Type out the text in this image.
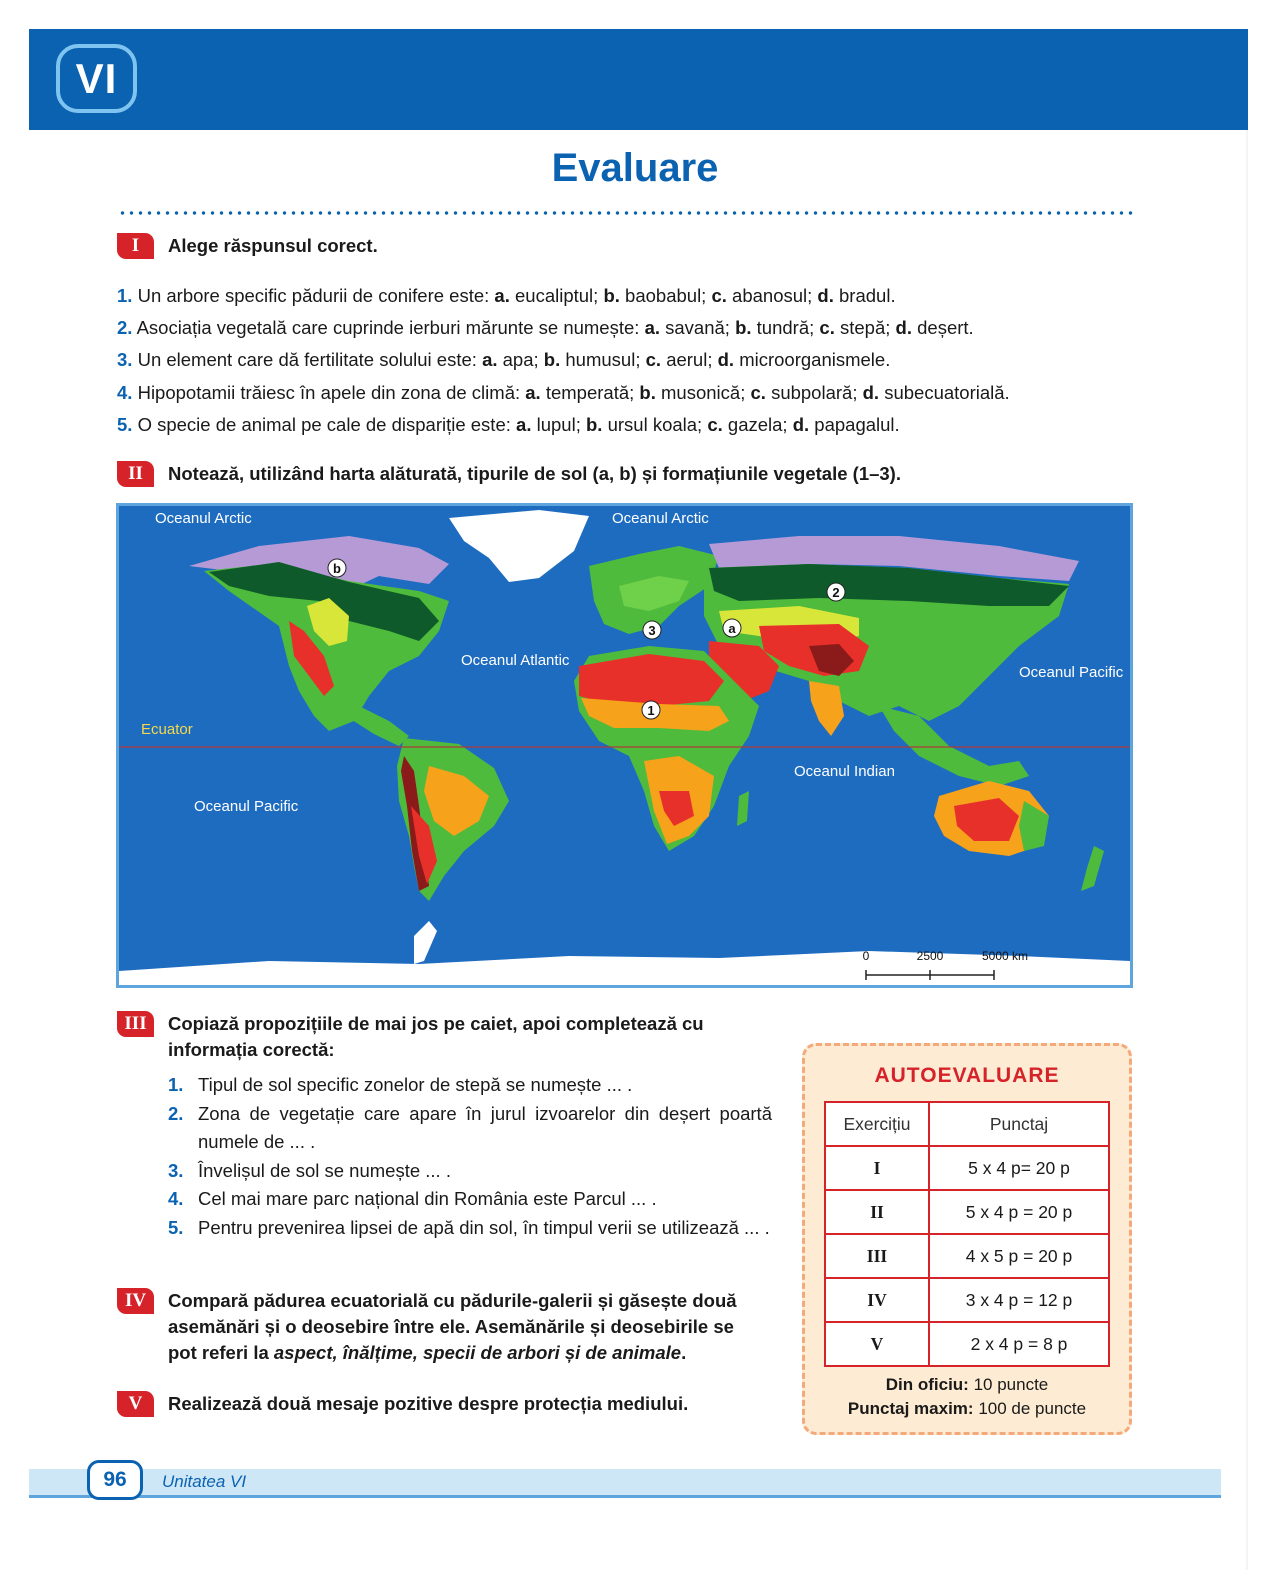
VI
Evaluare
I	Alege răspunsul corect.
1. Un arbore specific pădurii de conifere este: a. eucaliptul; b. baobabul; c. abanosul; d. bradul.
2. Asociația vegetală care cuprinde ierburi mărunte se numește: a. savană; b. tundră; c. stepă; d. deșert.
3. Un element care dă fertilitate solului este: a. apa; b. humusul; c. aerul; d. microorganismele.
4. Hipopotamii trăiesc în apele din zona de climă: a. temperată; b. musonică; c. subpolară; d. subecuatorială.
5. O specie de animal pe cale de dispariție este: a. lupul; b. ursul koala; c. gazela; d. papagalul.
II	Notează, utilizând harta alăturată, tipurile de sol (a, b) și formațiunile vegetale (1–3).
Oceanul Arctic	Oceanul Arctic
Oceanul Atlantic
Oceanul Pacific
Oceanul Pacific
Oceanul Indian
Ecuator
b
a
1
2
3
0	2500	5000 km
III	Copiază propozițiile de mai jos pe caiet, apoi completează cu
informația corectă:
1. Tipul de sol specific zonelor de stepă se numește ... .
2. Zona de vegetație care apare în jurul izvoarelor din deșert poartă numele de ... .
3. Învelișul de sol se numește ... .
4. Cel mai mare parc național din România este Parcul ... .
5. Pentru prevenirea lipsei de apă din sol, în timpul verii se utilizează ... .
IV	Compară pădurea ecuatorială cu pădurile-galerii și găsește două
asemănări și o deosebire între ele. Asemănările și deosebirile se
pot referi la aspect, înălțime, specii de arbori și de animale.
V	Realizează două mesaje pozitive despre protecția mediului.
AUTOEVALUARE
Exercițiu	Punctaj
I	5 x 4 p= 20 p
II	5 x 4 p = 20 p
III	4 x 5 p = 20 p
IV	3 x 4 p = 12 p
V	2 x 4 p = 8 p
Din oficiu: 10 puncte
Punctaj maxim: 100 de puncte
96	Unitatea VI
